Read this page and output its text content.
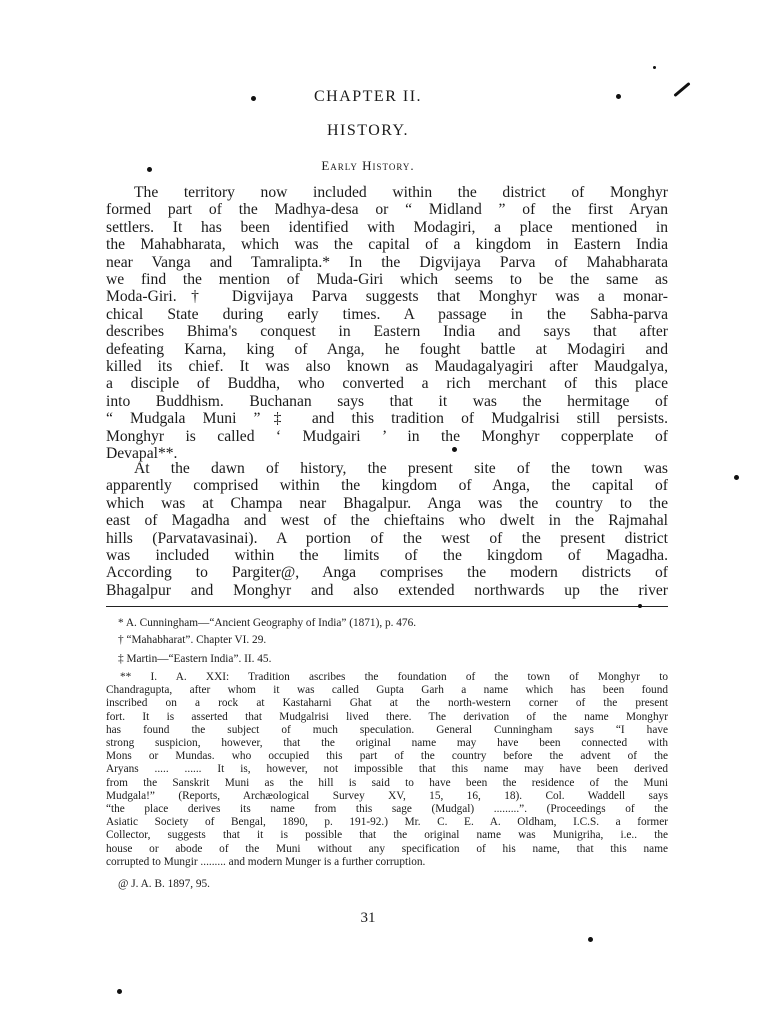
CHAPTER II.
HISTORY.
Early History.
The territory now included within the district of Monghyr
formed part of the Madhya-desa or “ Midland ” of the first Aryan
settlers. It has been identified with Modagiri, a place mentioned in
the Mahabharata, which was the capital of a kingdom in Eastern India
near Vanga and Tamralipta.* In the Digvijaya Parva of Mahabharata
we find the mention of Muda-Giri which seems to be the same as
Moda-Giri.† Digvijaya Parva suggests that Monghyr was a monar-
chical State during early times. A passage in the Sabha-parva
describes Bhima's conquest in Eastern India and says that after
defeating Karna, king of Anga, he fought battle at Modagiri and
killed its chief. It was also known as Maudagalyagiri after Maudgalya,
a disciple of Buddha, who converted a rich merchant of this place
into Buddhism. Buchanan says that it was the hermitage of
“ Mudgala Muni ”‡ and this tradition of Mudgalrisi still persists.
Monghyr is called ‘ Mudgairi ’ in the Monghyr copperplate of
Devapal**.
At the dawn of history, the present site of the town was
apparently comprised within the kingdom of Anga, the capital of
which was at Champa near Bhagalpur. Anga was the country to the
east of Magadha and west of the chieftains who dwelt in the Rajmahal
hills (Parvatavasinai). A portion of the west of the present district
was included within the limits of the kingdom of Magadha.
According to Pargiter@, Anga comprises the modern districts of
Bhagalpur and Monghyr and also extended northwards up the river
* A. Cunningham—“Ancient Geography of India” (1871), p. 476.
† “Mahabharat”. Chapter VI. 29.
‡ Martin—“Eastern India”. II. 45.
** I. A. XXI: Tradition ascribes the foundation of the town of Monghyr to
Chandragupta, after whom it was called Gupta Garh a name which has been found
inscribed on a rock at Kastaharni Ghat at the north-western corner of the present
fort. It is asserted that Mudgalrisi lived there. The derivation of the name Monghyr
has found the subject of much speculation. General Cunningham says “I have
strong suspicion, however, that the original name may have been connected with
Mons or Mundas. who occupied this part of the country before the advent of the
Aryans ..... ...... It is, however, not impossible that this name may have been derived
from the Sanskrit Muni as the hill is said to have been the residence of the Muni
Mudgala!” (Reports, Archæological Survey XV, 15, 16, 18). Col. Waddell says
“the place derives its name from this sage (Mudgal) .........”. (Proceedings of the
Asiatic Society of Bengal, 1890, p. 191-92.) Mr. C. E. A. Oldham, I.C.S. a former
Collector, suggests that it is possible that the original name was Munigriha, i.e.. the
house or abode of the Muni without any specification of his name, that this name
corrupted to Mungir ......... and modern Munger is a further corruption.
@ J. A. B. 1897, 95.
31
